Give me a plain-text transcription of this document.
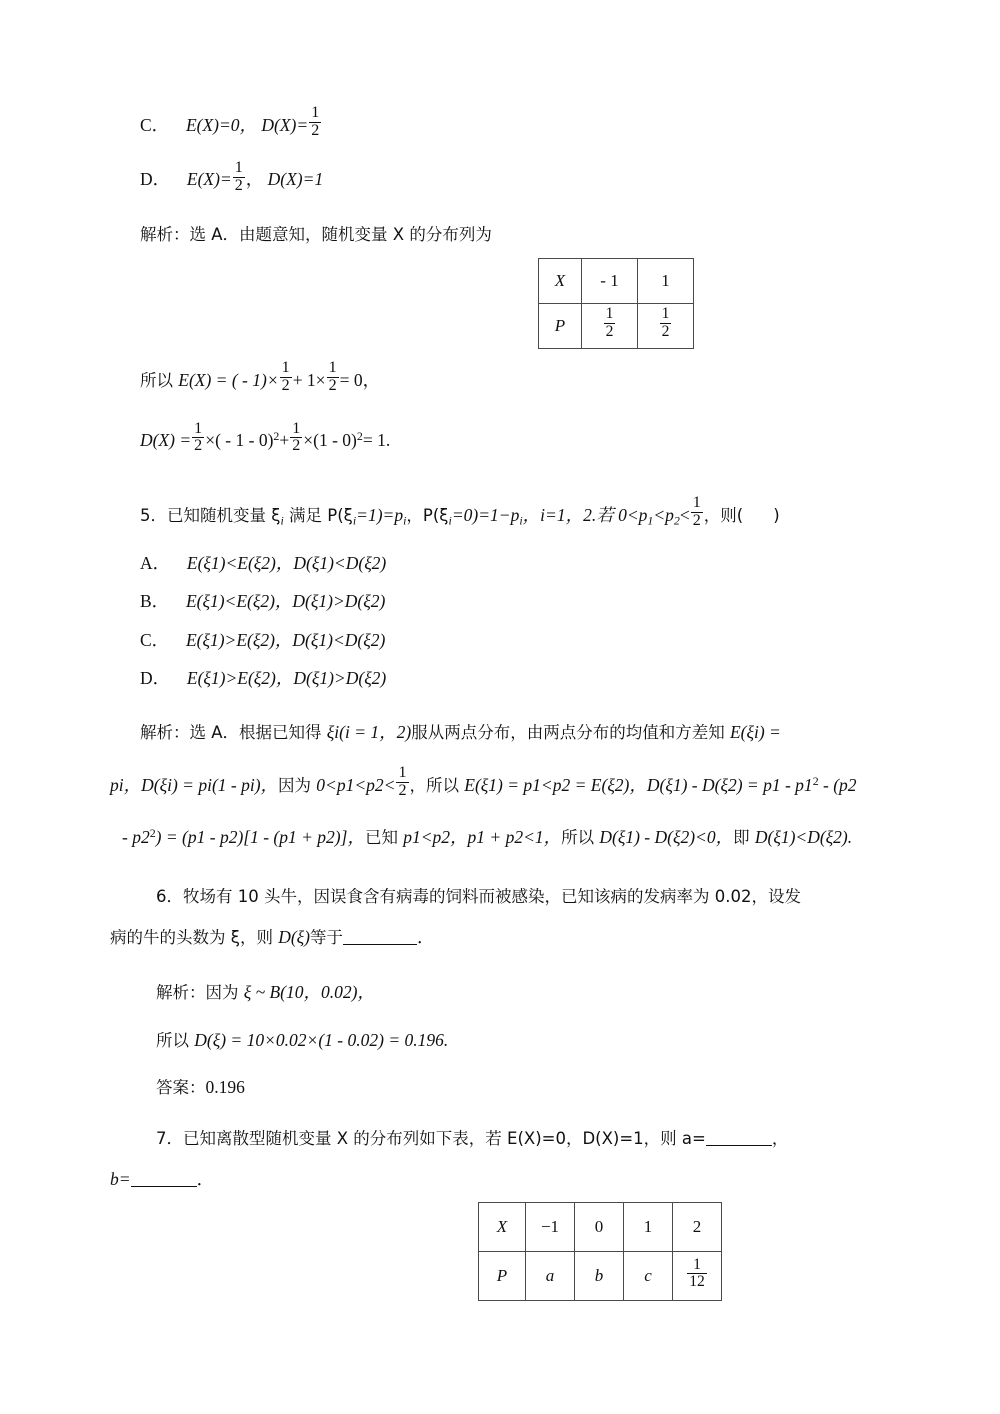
C． E(X)=0， $D(X)= \frac{1}{2}$
D． $E(X)= \frac{1}{2}$ ， D(X)=1
解析：选 A．由题意知，随机变量 X 的分布列为
X	- 1	1
P	$\frac{1}{2}$	$\frac{1}{2}$
所以 E(X) = ( - $1)\times \frac{1}{2} + 1\times \frac{1}{2} = 0$，
$D(X) = \frac{1}{2}$ ×( - $1 - 0)^2+ \frac{1}{2} \times(1 - 0)^2= 1$.
5．已知随机变量 $\xi_i$ 满足 $P(\xi_i=1)=p_i$，$P(\xi_i=0)=1-p_i$，i=1，2.若 $0<p_1<p_2< \frac{1}{2}$ ，则( )
A． E(ξ1)<E(ξ2)，D(ξ1)<D(ξ2)
B． E(ξ1)<E(ξ2)，D(ξ1)>D(ξ2)
C． E(ξ1)>E(ξ2)，D(ξ1)<D(ξ2)
D． E(ξ1)>E(ξ2)，D(ξ1)>D(ξ2)
解析：选 A．根据已知得 ξi(i = 1，2)服从两点分布，由两点分布的均值和方差知 E(ξi) =
pi，D(ξi) = pi(1 - pi)，因为 $0<p1<p2< \frac{1}{2}$ ，所以 E(ξ1) = p1<p2 = E(ξ2)，$D(\xi 1) - D(\xi 2) = p1 - p1^2 - (p2$
- $p2^2) = (p1 - p2)[1 - (p1 + p2)]$，已知 p1<p2，p1 + p2<1，所以 D(ξ1) - D(ξ2)<0，即 D(ξ1)<D(ξ2).
6．牧场有 10 头牛，因误食含有病毒的饲料而被感染，已知该病的发病率为 0.02，设发
病的牛的头数为 ξ，则 D(ξ)等于	．
解析：因为 ξ ~ B(10，0.02)，
所以 D(ξ) = 10×0.02×(1 - 0.02) = 0.196.
答案：0.196
7．已知离散型随机变量 X 的分布列如下表，若 E(X)=0，D(X)=1，则 a=	，
b=	．
X	−1	0	1	2
P	a	b	c	$\frac{1}{12}$
